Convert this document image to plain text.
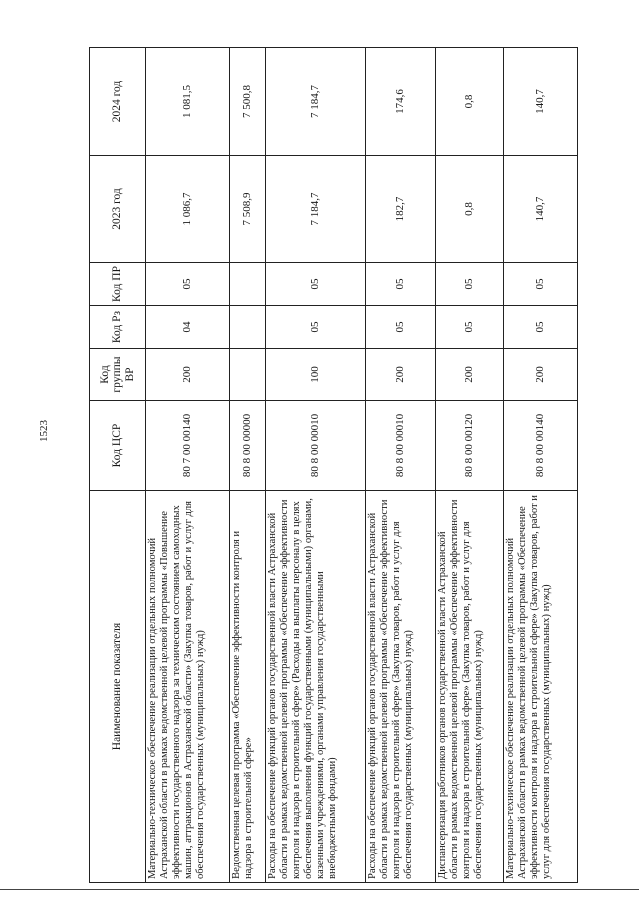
1523
Наименование показателя	Код ЦСР	Код группы ВР	Код Рз	Код ПР	2023 год	2024 год
Материально-техническое обеспечение реализации отдельных полномочий Астраханской области в рамках ведомственной целевой программы «Повышение эффективности государственного надзора за техническим состоянием самоходных машин, аттракционов в Астраханской области» (Закупка товаров, работ и услуг для обеспечения государственных (муниципальных) нужд)	80 7 00 00140	200	04	05	1 086,7	1 081,5
Ведомственная целевая программа «Обеспечение эффективности контроля и надзора в строительной сфере»	80 8 00 00000				7 508,9	7 500,8
Расходы на обеспечение функций органов государственной власти Астраханской области в рамках ведомственной целевой программы «Обеспечение эффективности контроля и надзора в строительной сфере» (Расходы на выплаты персоналу в целях обеспечения выполнения функций государственными (муниципальными) органами, казенными учреждениями, органами управления государственными внебюджетными фондами)	80 8 00 00010	100	05	05	7 184,7	7 184,7
Расходы на обеспечение функций органов государственной власти Астраханской области в рамках ведомственной целевой программы «Обеспечение эффективности контроля и надзора в строительной сфере» (Закупка товаров, работ и услуг для обеспечения государственных (муниципальных) нужд)	80 8 00 00010	200	05	05	182,7	174,6
Диспансеризация работников органов государственной власти Астраханской области в рамках ведомственной целевой программы «Обеспечение эффективности контроля и надзора в строительной сфере» (Закупка товаров, работ и услуг для обеспечения государственных (муниципальных) нужд)	80 8 00 00120	200	05	05	0,8	0,8
Материально-техническое обеспечение реализации отдельных полномочий Астраханской области в рамках ведомственной целевой программы «Обеспечение эффективности контроля и надзора в строительной сфере» (Закупка товаров, работ и услуг для обеспечения государственных (муниципальных) нужд)	80 8 00 00140	200	05	05	140,7	140,7
